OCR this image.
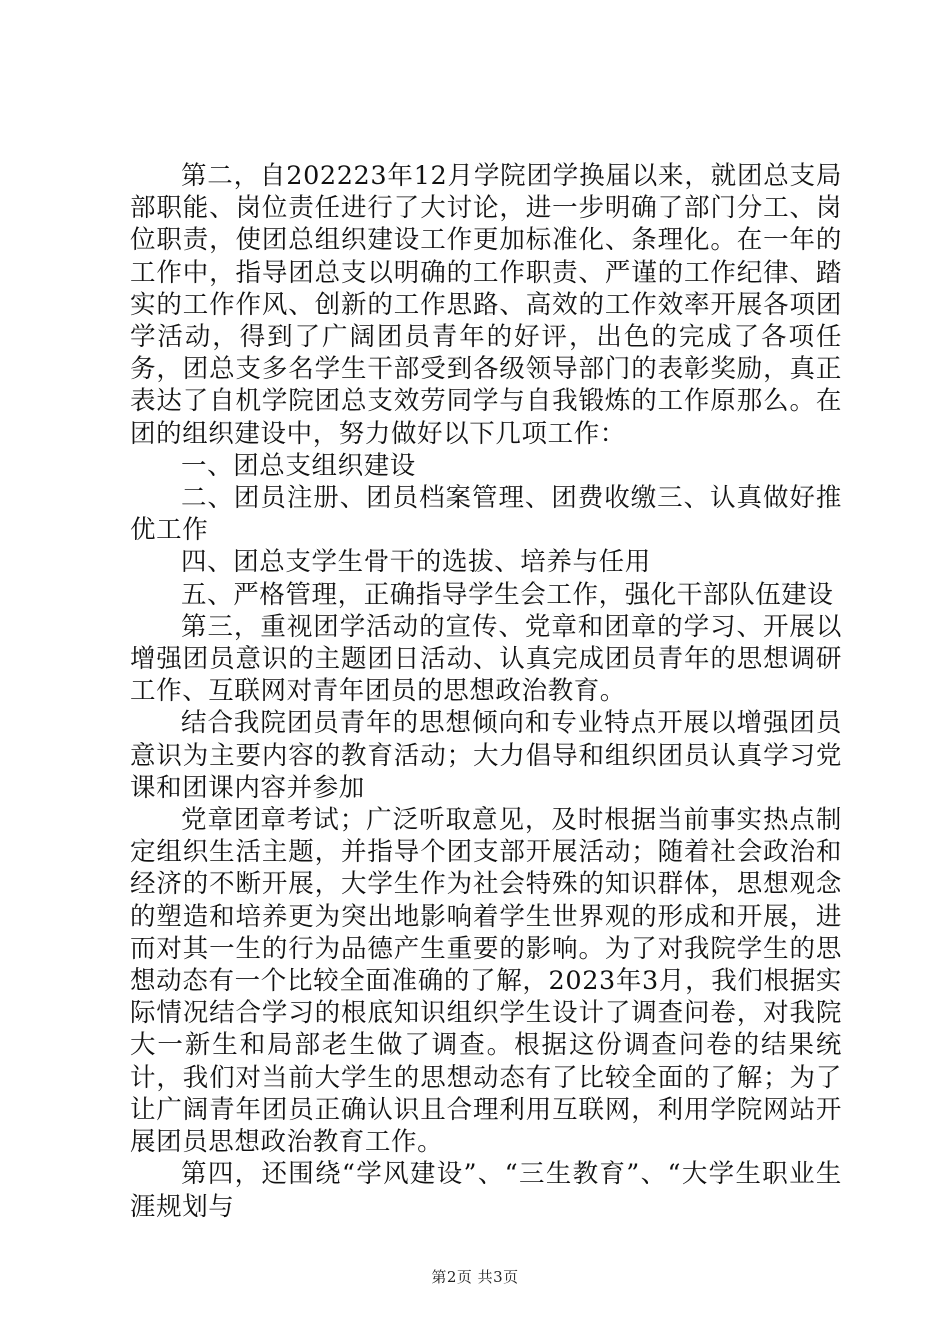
第二，自202223年12月学院团学换届以来，就团总支局部职能、岗位责任进行了大讨论，进一步明确了部门分工、岗位职责，使团总组织建设工作更加标准化、条理化。在一年的工作中，指导团总支以明确的工作职责、严谨的工作纪律、踏实的工作作风、创新的工作思路、高效的工作效率开展各项团学活动，得到了广阔团员青年的好评，出色的完成了各项任务，团总支多名学生干部受到各级领导部门的表彰奖励，真正表达了自机学院团总支效劳同学与自我锻炼的工作原那么。在团的组织建设中，努力做好以下几项工作：

一、团总支组织建设

二、团员注册、团员档案管理、团费收缴三、认真做好推优工作

四、团总支学生骨干的选拔、培养与任用

五、严格管理，正确指导学生会工作，强化干部队伍建设

第三，重视团学活动的宣传、党章和团章的学习、开展以增强团员意识的主题团日活动、认真完成团员青年的思想调研工作、互联网对青年团员的思想政治教育。

结合我院团员青年的思想倾向和专业特点开展以增强团员意识为主要内容的教育活动；大力倡导和组织团员认真学习党课和团课内容并参加

党章团章考试；广泛听取意见，及时根据当前事实热点制定组织生活主题，并指导个团支部开展活动；随着社会政治和经济的不断开展，大学生作为社会特殊的知识群体，思想观念的塑造和培养更为突出地影响着学生世界观的形成和开展，进而对其一生的行为品德产生重要的影响。为了对我院学生的思想动态有一个比较全面准确的了解，2023年3月，我们根据实际情况结合学习的根底知识组织学生设计了调查问卷，对我院大一新生和局部老生做了调查。根据这份调查问卷的结果统计，我们对当前大学生的思想动态有了比较全面的了解；为了让广阔青年团员正确认识且合理利用互联网，利用学院网站开展团员思想政治教育工作。

第四，还围绕“学风建设”、“三生教育”、“大学生职业生涯规划与

第2页 共3页
